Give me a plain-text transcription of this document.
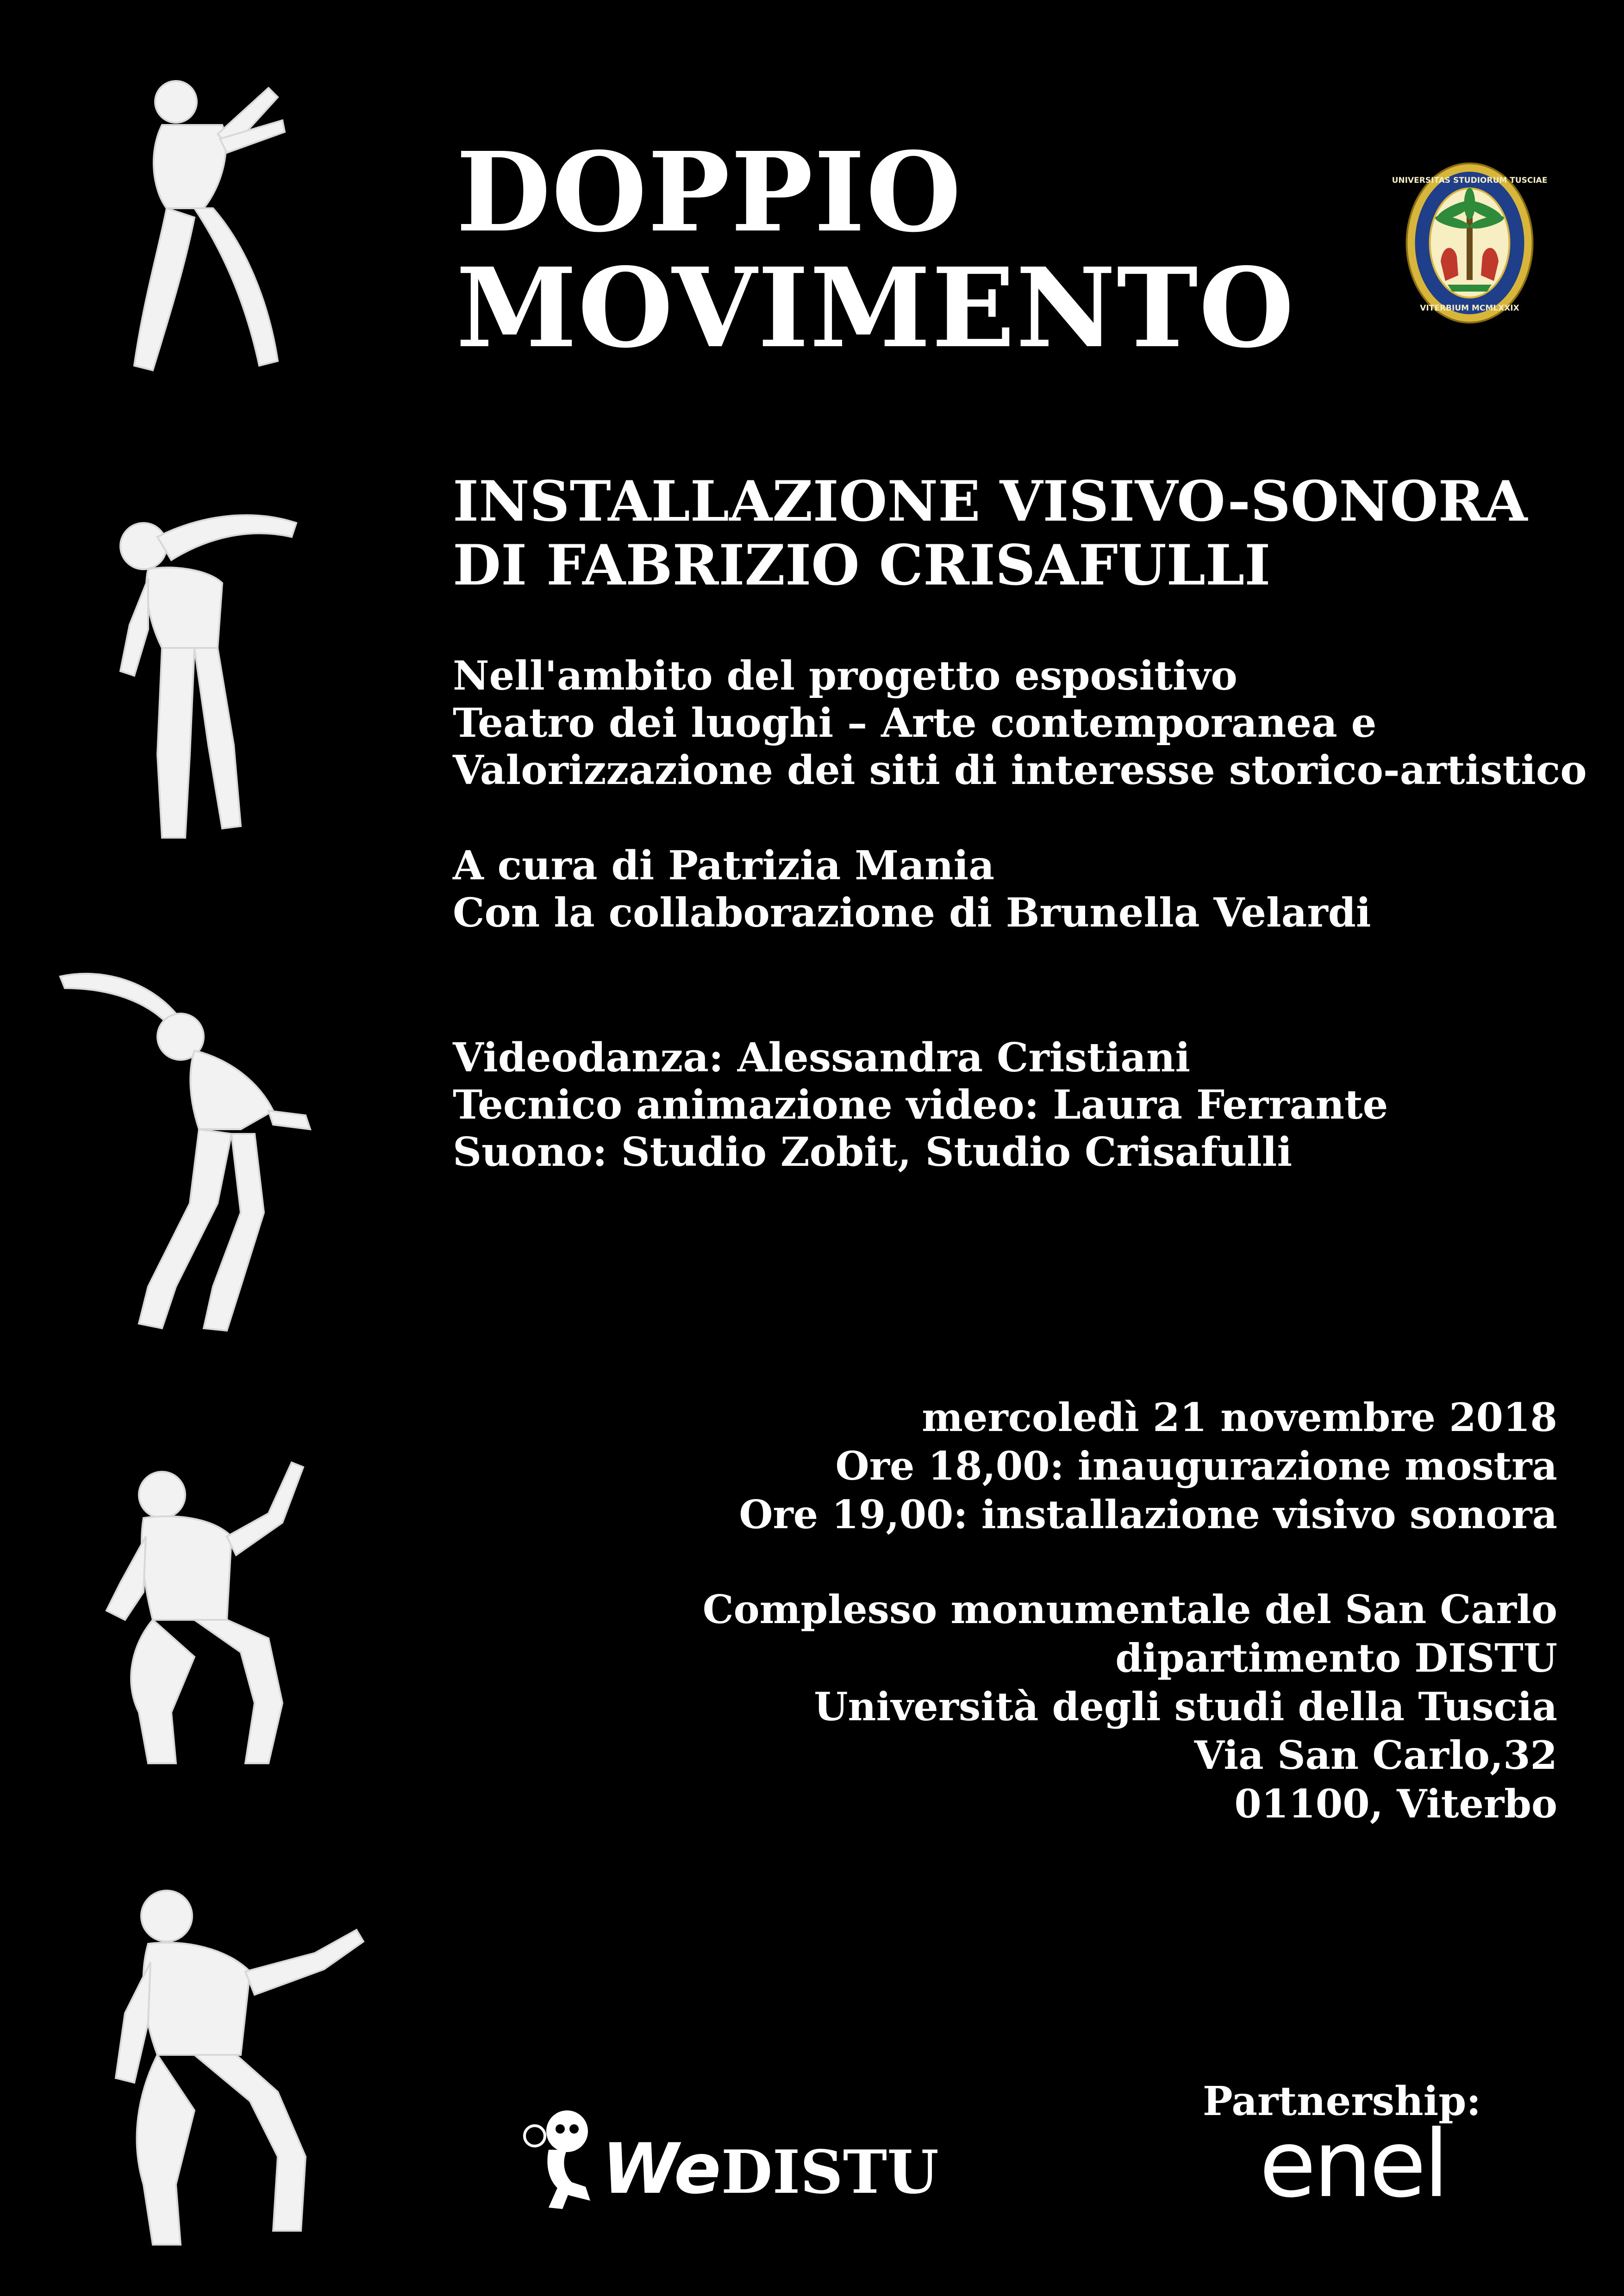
DOPPIO
MOVIMENTO
UNIVERSITAS STUDIORUM TUSCIAE
VITERBIUM MCMLXXIX
INSTALLAZIONE VISIVO-SONORA
DI FABRIZIO CRISAFULLI

Nell'ambito del progetto espositivo
Teatro dei luoghi – Arte contemporanea e
Valorizzazione dei siti di interesse storico-artistico

A cura di Patrizia Mania
Con la collaborazione di Brunella Velardi

Videodanza: Alessandra Cristiani
Tecnico animazione video: Laura Ferrante
Suono: Studio Zobit, Studio Crisafulli

mercoledì 21 novembre 2018
Ore 18,00: inaugurazione mostra
Ore 19,00: installazione visivo sonora

Complesso monumentale del San Carlo
dipartimento DISTU
Università degli studi della Tuscia
Via San Carlo,32
01100, Viterbo

WeDISTU

Partnership:

enel
